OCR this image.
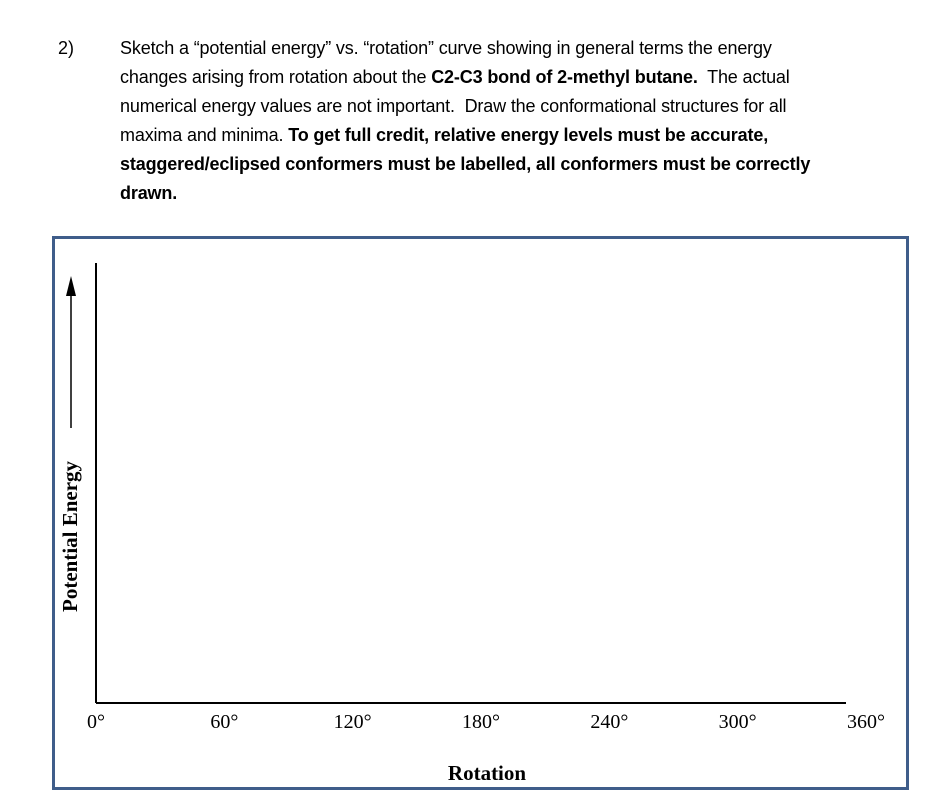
2)	Sketch a “potential energy” vs. “rotation” curve showing in general terms the energy
changes arising from rotation about the C2-C3 bond of 2-methyl butane.  The actual
numerical energy values are not important.  Draw the conformational structures for all
maxima and minima. To get full credit, relative energy levels must be accurate,
staggered/eclipsed conformers must be labelled, all conformers must be correctly
drawn.
Potential Energy
0°	60°	120°	180°	240°	300°	360°
Rotation
